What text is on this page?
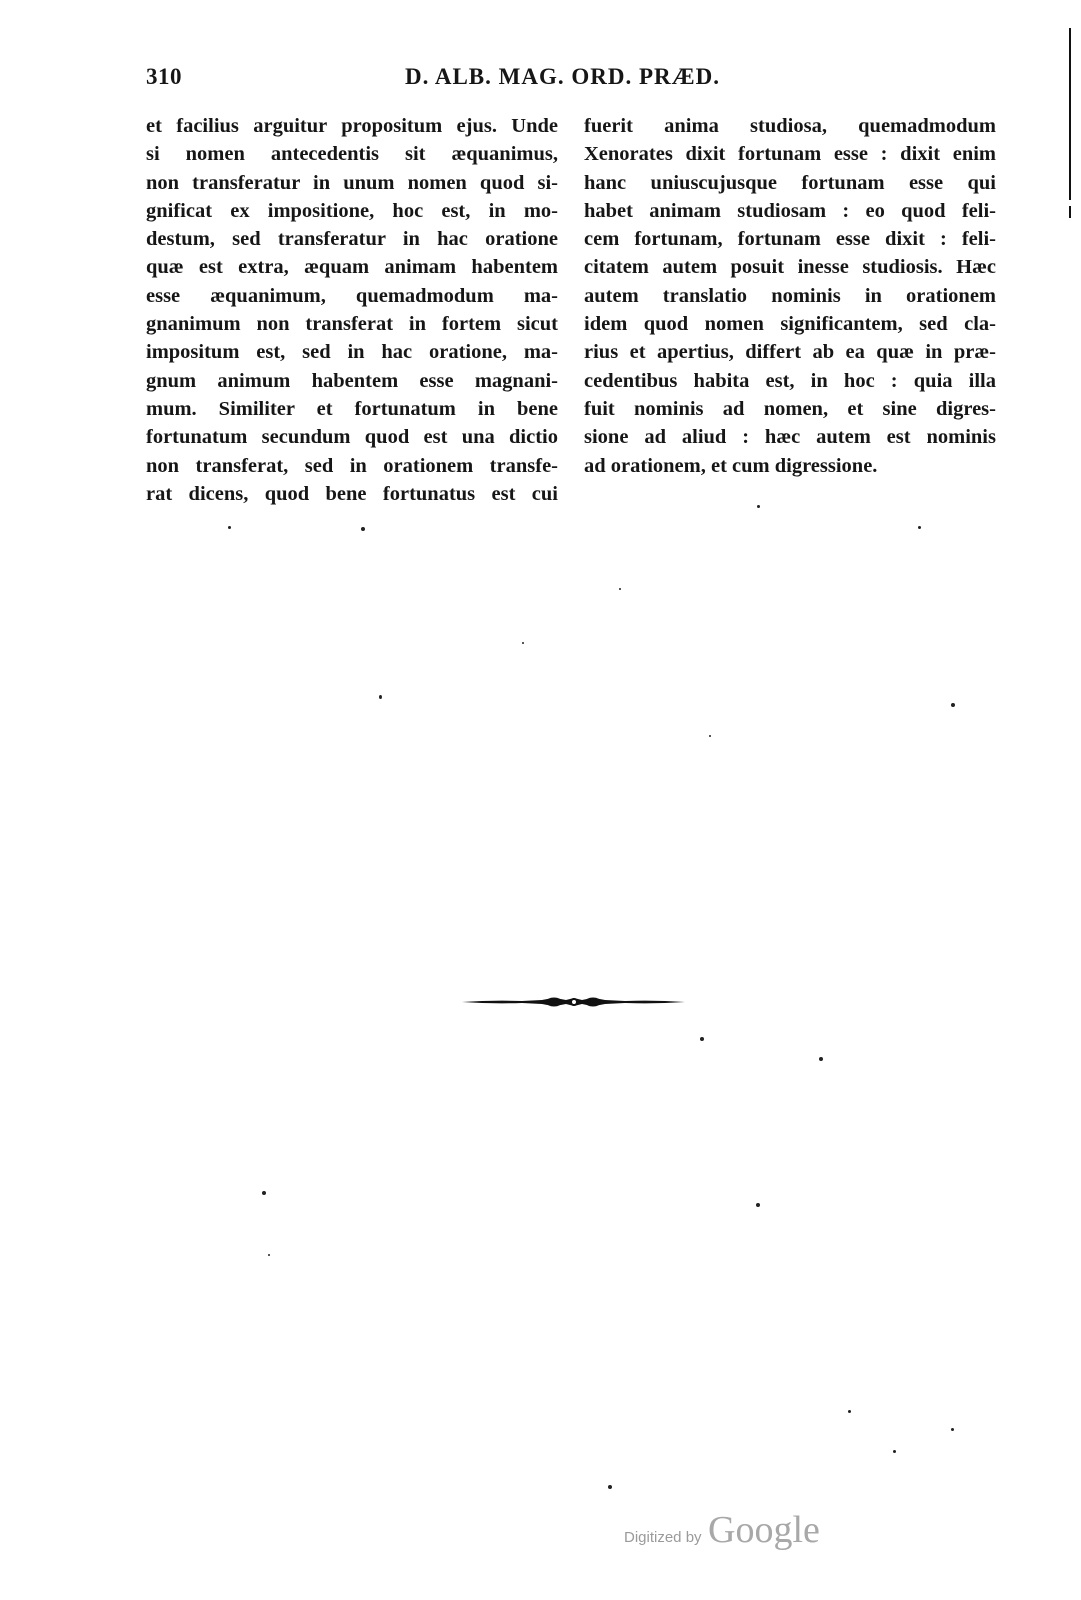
310	D. ALB. MAG. ORD. PRÆD.
et facilius arguitur propositum ejus. Unde
si nomen antecedentis sit æquanimus,
non transferatur in unum nomen quod si-
gnificat ex impositione, hoc est, in mo-
destum, sed transferatur in hac oratione
quæ est extra, æquam animam habentem
esse æquanimum, quemadmodum ma-
gnanimum non transferat in fortem sicut
impositum est, sed in hac oratione, ma-
gnum animum habentem esse magnani-
mum. Similiter et fortunatum in bene
fortunatum secundum quod est una dictio
non transferat, sed in orationem transfe-
rat dicens, quod bene fortunatus est cui
fuerit anima studiosa, quemadmodum
Xenorates dixit fortunam esse : dixit enim
hanc uniuscujusque fortunam esse qui
habet animam studiosam : eo quod feli-
cem fortunam, fortunam esse dixit : feli-
citatem autem posuit inesse studiosis. Hæc
autem translatio nominis in orationem
idem quod nomen significantem, sed cla-
rius et apertius, differt ab ea quæ in præ-
cedentibus habita est, in hoc : quia illa
fuit nominis ad nomen, et sine digres-
sione ad aliud : hæc autem est nominis
ad orationem, et cum digressione.
Digitized by Google
